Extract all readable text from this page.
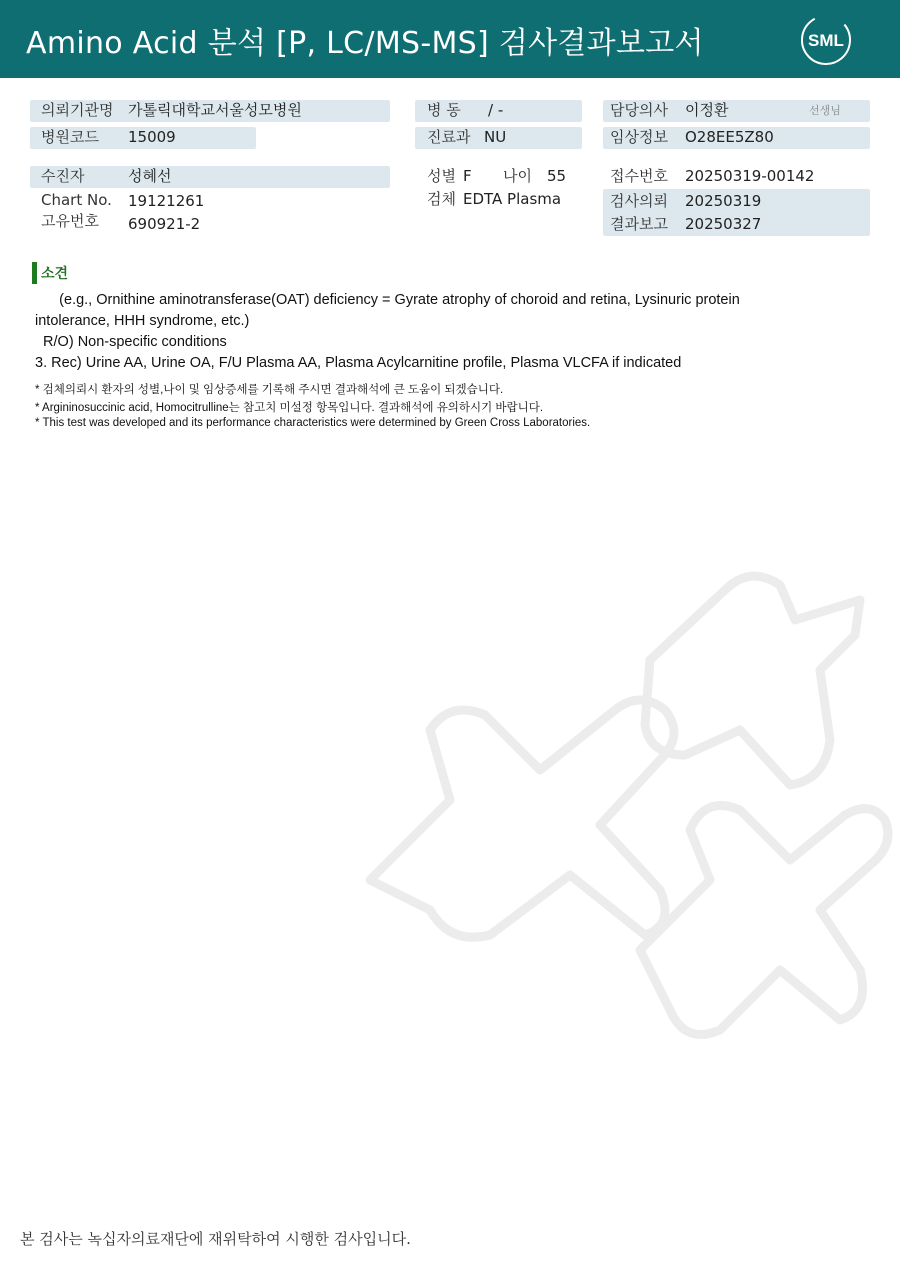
Amino Acid 분석 [P, LC/MS-MS] 검사결과보고서	SML
의뢰기관명 가톨릭대학교서울성모병원
병원코드 15009
수진자	성혜선
Chart No. 19121261
고유번호 690921-2
병 동 / -
진료과 NU
성별 F 나이 55
검체 EDTA Plasma
담당의사 이정환	선생님
임상정보 O28EE5Z80
접수번호 20250319-00142
검사의뢰 20250319
결과보고 20250327
소견
(e.g., Ornithine aminotransferase(OAT) deficiency = Gyrate atrophy of choroid and retina, Lysinuric protein
intolerance, HHH syndrome, etc.)
R/O) Non-specific conditions
3. Rec) Urine AA, Urine OA, F/U Plasma AA, Plasma Acylcarnitine profile, Plasma VLCFA if indicated
* 검체의뢰시 환자의 성별,나이 및 임상증세를 기록해 주시면 결과해석에 큰 도움이 되겠습니다.
* Argininosuccinic acid, Homocitrulline는 참고치 미설정 항목입니다. 결과해석에 유의하시기 바랍니다.
* This test was developed and its performance characteristics were determined by Green Cross Laboratories.
본 검사는 녹십자의료재단에 재위탁하여 시행한 검사입니다.
